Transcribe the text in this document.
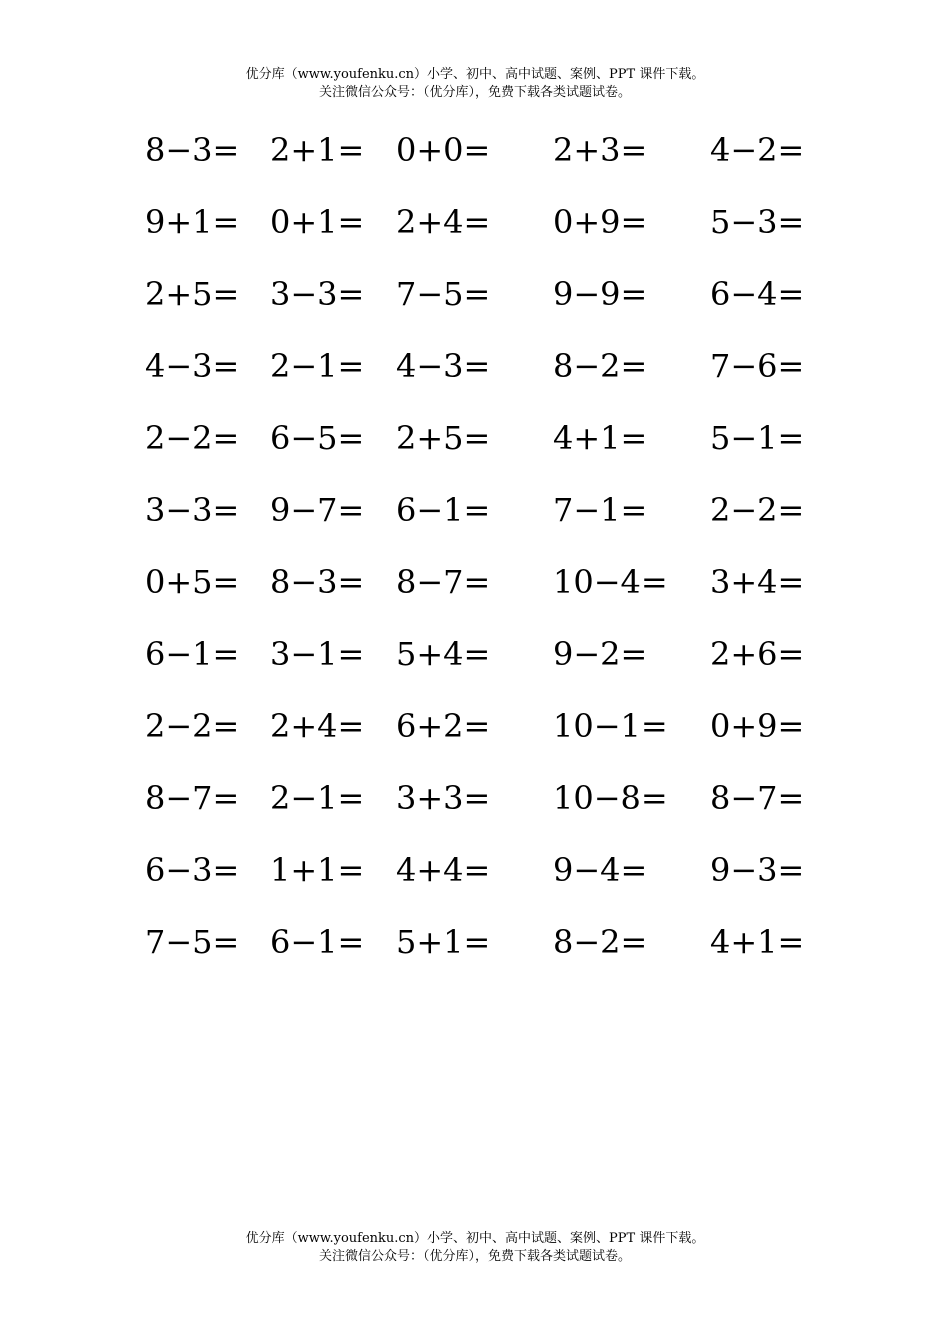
优分库（www.youfenku.cn）小学、初中、高中试题、案例、PPT 课件下载。
关注微信公众号：（优分库），免费下载各类试题试卷。
8−3= 2+1= 0+0= 2+3= 4−2=
9+1= 0+1= 2+4= 0+9= 5−3=
2+5= 3−3= 7−5= 9−9= 6−4=
4−3= 2−1= 4−3= 8−2= 7−6=
2−2= 6−5= 2+5= 4+1= 5−1=
3−3= 9−7= 6−1= 7−1= 2−2=
0+5= 8−3= 8−7= 10−4= 3+4=
6−1= 3−1= 5+4= 9−2= 2+6=
2−2= 2+4= 6+2= 10−1= 0+9=
8−7= 2−1= 3+3= 10−8= 8−7=
6−3= 1+1= 4+4= 9−4= 9−3=
7−5= 6−1= 5+1= 8−2= 4+1=
优分库（www.youfenku.cn）小学、初中、高中试题、案例、PPT 课件下载。
关注微信公众号：（优分库），免费下载各类试题试卷。
